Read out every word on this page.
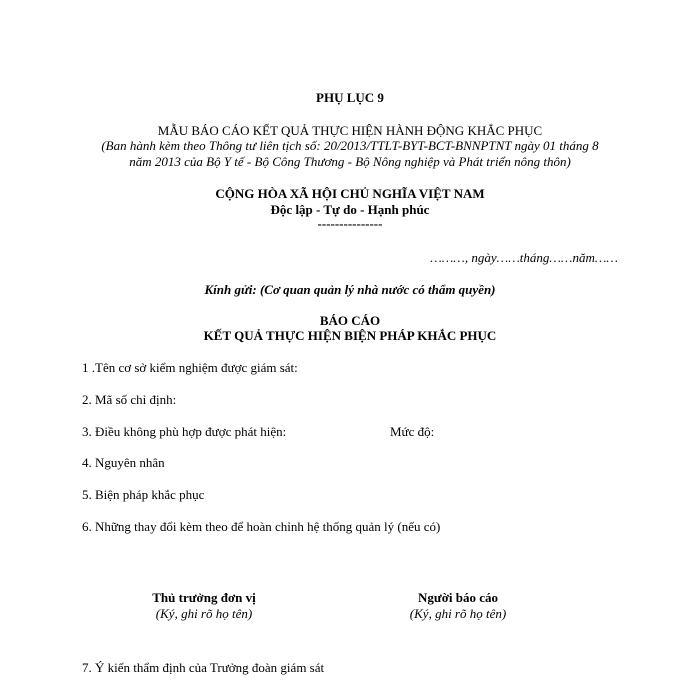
PHỤ LỤC 9
MẪU BÁO CÁO KẾT QUẢ THỰC HIỆN HÀNH ĐỘNG KHẮC PHỤC
(Ban hành kèm theo Thông tư liên tịch số: 20/2013/TTLT-BYT-BCT-BNNPTNT ngày 01 tháng 8
năm 2013 của Bộ Y tế - Bộ Công Thương - Bộ Nông nghiệp và Phát triển nông thôn)
CỘNG HÒA XÃ HỘI CHỦ NGHĨA VIỆT NAM
Độc lập - Tự do - Hạnh phúc
---------------
………, ngày……tháng……năm……
Kính gửi: (Cơ quan quản lý nhà nước có thẩm quyền)
BÁO CÁO
KẾT QUẢ THỰC HIỆN BIỆN PHÁP KHẮC PHỤC
1 .Tên cơ sở kiểm nghiệm được giám sát:
2. Mã số chỉ định:
3. Điều không phù hợp được phát hiện:	Mức độ:
4. Nguyên nhân
5. Biện pháp khắc phục
6. Những thay đổi kèm theo để hoàn chỉnh hệ thống quản lý (nếu có)
Thủ trưởng đơn vị
(Ký, ghi rõ họ tên)
Người báo cáo
(Ký, ghi rõ họ tên)
7. Ý kiến thẩm định của Trưởng đoàn giám sát
